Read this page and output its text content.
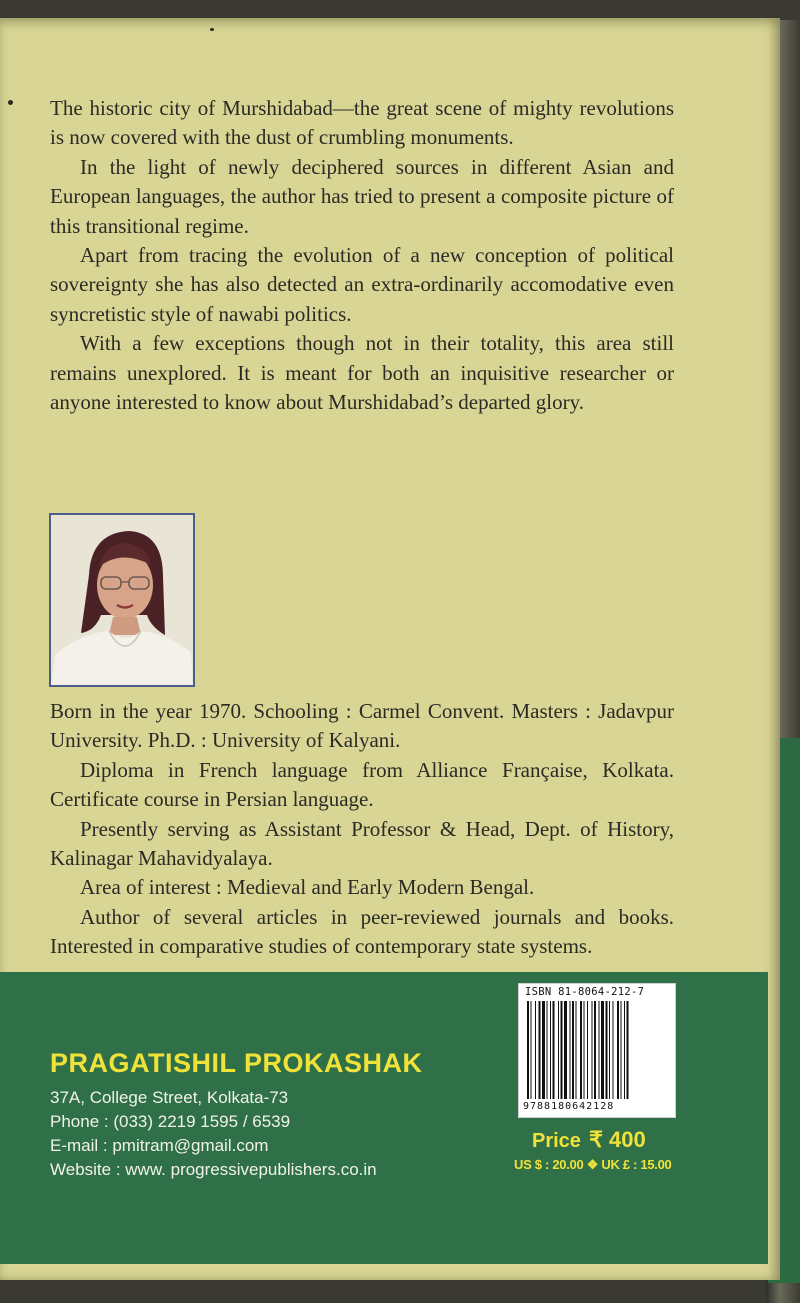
The historic city of Murshidabad—the great scene of mighty revolutions is now covered with the dust of crumbling monuments.

In the light of newly deciphered sources in different Asian and European languages, the author has tried to present a composite picture of this transitional regime.

Apart from tracing the evolution of a new conception of political sovereignty she has also detected an extra-ordinarily accomodative even syncretistic style of nawabi politics.

With a few exceptions though not in their totality, this area still remains unexplored. It is meant for both an inquisitive researcher or anyone interested to know about Murshidabad’s departed glory.

Born in the year 1970. Schooling : Carmel Convent. Masters : Jadavpur University. Ph.D. : University of Kalyani.

Diploma in French language from Alliance Française, Kolkata. Certificate course in Persian language.

Presently serving as Assistant Professor & Head, Dept. of History, Kalinagar Mahavidyalaya.

Area of interest : Medieval and Early Modern Bengal.

Author of several articles in peer-reviewed journals and books. Interested in comparative studies of contemporary state systems.

PRAGATISHIL PROKASHAK
37A, College Street, Kolkata-73
Phone : (033) 2219 1595 / 6539
E-mail : pmitram@gmail.com
Website : www. progressivepublishers.co.in
ISBN 81-8064-212-7
9788180642128
Price ₹ 400
US $ : 20.00 ❖ UK £ : 15.00
